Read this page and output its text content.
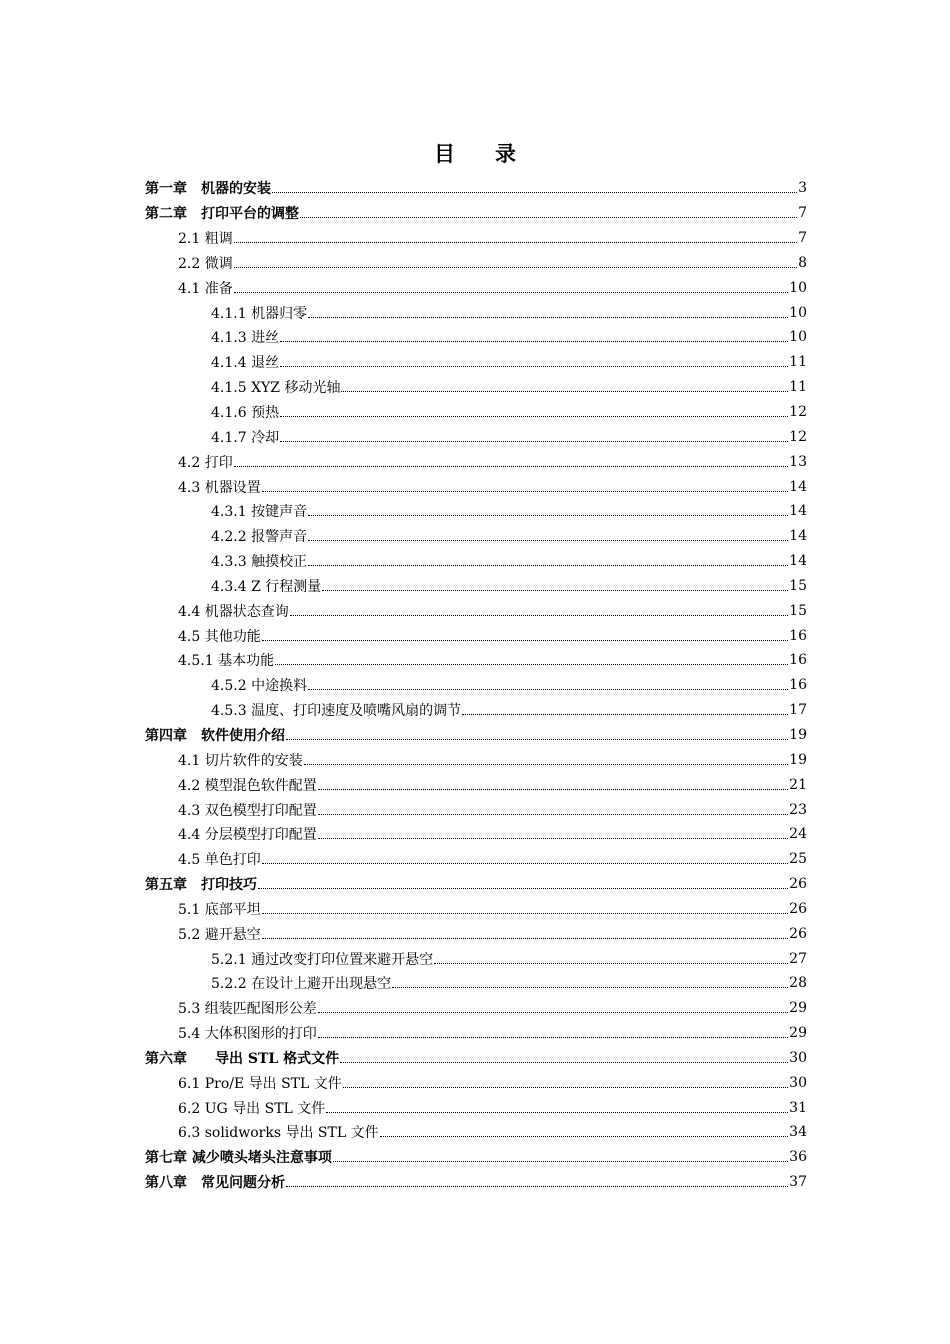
目 录
第一章　机器的安装	3
第二章　打印平台的调整	7
2.1 粗调	7
2.2 微调	8
4.1 准备	10
4.1.1 机器归零	10
4.1.3 进丝	10
4.1.4 退丝	11
4.1.5 XYZ 移动光轴	11
4.1.6 预热	12
4.1.7 冷却	12
4.2 打印	13
4.3 机器设置	14
4.3.1 按键声音	14
4.2.2 报警声音	14
4.3.3 触摸校正	14
4.3.4 Z 行程测量	15
4.4 机器状态查询	15
4.5 其他功能	16
4.5.1 基本功能	16
4.5.2 中途换料	16
4.5.3 温度、打印速度及喷嘴风扇的调节	17
第四章　软件使用介绍	19
4.1 切片软件的安装	19
4.2 模型混色软件配置	21
4.3 双色模型打印配置	23
4.4 分层模型打印配置	24
4.5 单色打印	25
第五章　打印技巧	26
5.1 底部平坦	26
5.2 避开悬空	26
5.2.1 通过改变打印位置来避开悬空	27
5.2.2 在设计上避开出现悬空	28
5.3 组装匹配图形公差	29
5.4 大体积图形的打印	29
第六章　　导出 STL 格式文件	30
6.1 Pro/E 导出 STL 文件	30
6.2 UG 导出 STL 文件	31
6.3 solidworks 导出 STL 文件	34
第七章 减少喷头堵头注意事项	36
第八章　常见问题分析	37
